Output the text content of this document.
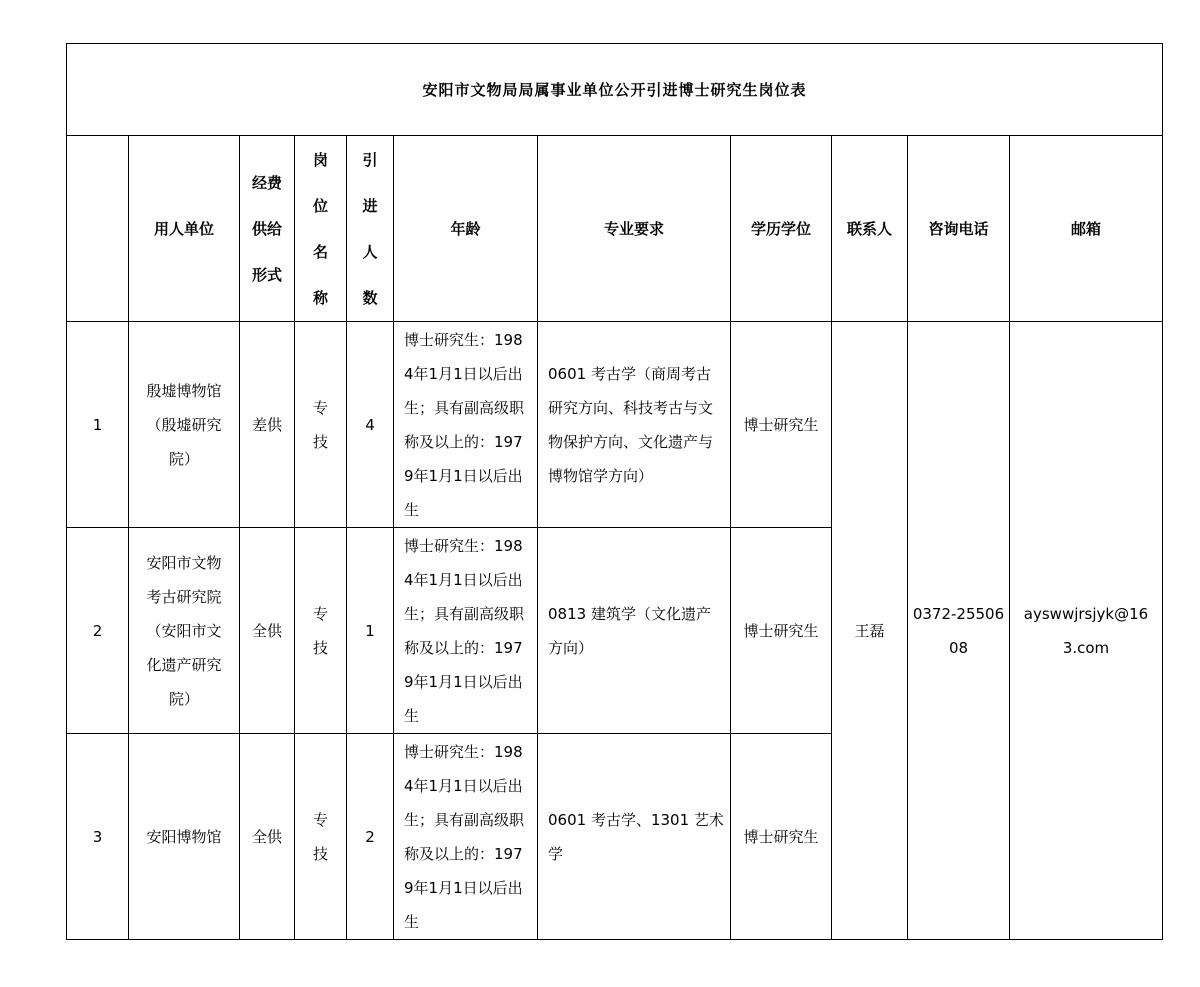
安阳市文物局局属事业单位公开引进博士研究生岗位表										
	用人单位	经费供给形式	岗位名称	引进人数	年龄	专业要求	学历学位	联系人	咨询电话	邮箱
1	殷墟博物馆（殷墟研究院）	差供	专技	4	博士研究生：1984年1月1日以后出生；具有副高级职称及以上的：1979年1月1日以后出生	0601 考古学（商周考古研究方向、科技考古与文物保护方向、文化遗产与博物馆学方向）	博士研究生	王磊	0372-2550608	ayswwjrsjyk@163.com
2	安阳市文物考古研究院（安阳市文化遗产研究院）	全供	专技	1	博士研究生：1984年1月1日以后出生；具有副高级职称及以上的：1979年1月1日以后出生	0813 建筑学（文化遗产方向）	博士研究生			
3	安阳博物馆	全供	专技	2	博士研究生：1984年1月1日以后出生；具有副高级职称及以上的：1979年1月1日以后出生	0601 考古学、1301 艺术学	博士研究生			
